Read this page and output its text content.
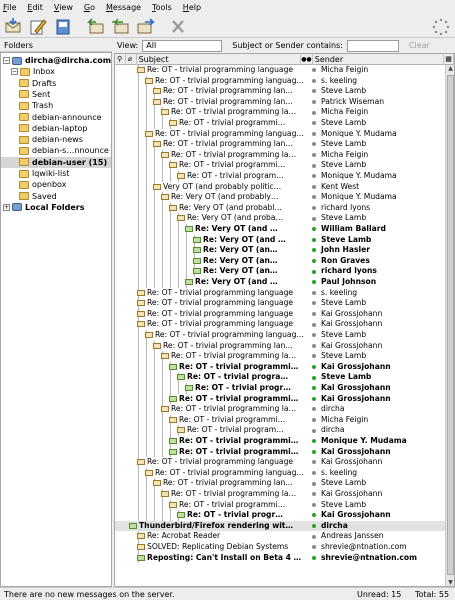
File Edit View Go Message Tools Help
Folders
− dircha@dircha.com
− Inbox
Drafts
Sent
Trash
debian-announce
debian-laptop
debian-news
debian-s…nnounce
debian-user (15)
lqwiki-list
openbox
Saved
+ Local Folders
View:	All	Subject or Sender contains:	Clear
⚲ ⌀ Subject	●● Sender	▦
Re: OT - trivial programming language	Micha Feigin
Re: OT - trivial programming languag…	s. keeling
Re: OT - trivial programming lan…	Steve Lamb
Re: OT - trivial programming lan…	Patrick Wiseman
Re: OT - trivial programming la…	Micha Feigin
Re: OT - trivial programmi…	Steve Lamb
Re: OT - trivial programming languag…	Monique Y. Mudama
Re: OT - trivial programming lan…	Steve Lamb
Re: OT - trivial programming la…	Micha Feigin
Re: OT - trivial programmi…	Steve Lamb
Re: OT - trivial program…	Monique Y. Mudama
Very OT (and probably politic…	Kent West
Re: Very OT (and probably…	Monique Y. Mudama
Re: Very OT (and probabl…	richard lyons
Re: Very OT (and proba…	Steve Lamb
Re: Very OT (and …	William Ballard
Re: Very OT (and …	Steve Lamb
Re: Very OT (an…	John Hasler
Re: Very OT (an…	Ron Graves
Re: Very OT (an…	richard lyons
Re: Very OT (and …	Paul Johnson
Re: OT - trivial programming language	s. keeling
Re: OT - trivial programming language	Steve Lamb
Re: OT - trivial programming language	Kai Grossjohann
Re: OT - trivial programming language	Kai Grossjohann
Re: OT - trivial programming languag…	Steve Lamb
Re: OT - trivial programming lan…	Kai Grossjohann
Re: OT - trivial programming la…	Steve Lamb
Re: OT - trivial programmi…	Kai Grossjohann
Re: OT - trivial progra…	Steve Lamb
Re: OT - trivial progr…	Kai Grossjohann
Re: OT - trivial programmi…	Kai Grossjohann
Re: OT - trivial programming la…	dircha
Re: OT - trivial programmi…	Micha Feigin
Re: OT - trivial program…	dircha
Re: OT - trivial programmi…	Monique Y. Mudama
Re: OT - trivial programmi…	Kai Grossjohann
Re: OT - trivial programming language	Kai Grossjohann
Re: OT - trivial programming languag…	s. keeling
Re: OT - trivial programming lan…	Steve Lamb
Re: OT - trivial programming la…	Kai Grossjohann
Re: OT - trivial programmi…	Steve Lamb
Re: OT - trivial progr…	Kai Grossjohann
Thunderbird/Firefox rendering wit…	dircha
Re: Acrobat Reader	Andreas Janssen
SOLVED: Replicating Debian Systems	shrevie@ntnation.com
Reposting: Can't Install on Beta 4 …	shrevie@ntnation.com
▲
▼
There are no new messages on the server.	Unread: 15	Total: 55
